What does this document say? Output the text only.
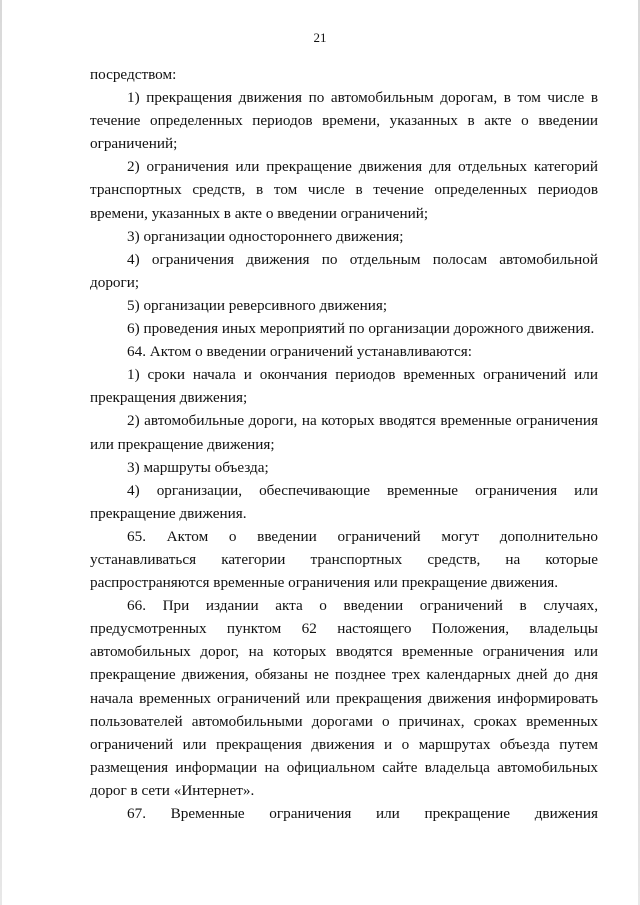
21

посредством:

1) прекращения движения по автомобильным дорогам, в том числе в течение определенных периодов времени, указанных в акте о введении ограничений;

2) ограничения или прекращение движения для отдельных категорий транспортных средств, в том числе в течение определенных периодов времени, указанных в акте о введении ограничений;

3) организации одностороннего движения;

4) ограничения движения по отдельным полосам автомобильной дороги;

5) организации реверсивного движения;

6) проведения иных мероприятий по организации дорожного движения.

64. Актом о введении ограничений устанавливаются:

1) сроки начала и окончания периодов временных ограничений или прекращения движения;

2) автомобильные дороги, на которых вводятся временные ограничения или прекращение движения;

3) маршруты объезда;

4) организации, обеспечивающие временные ограничения или прекращение движения.

65. Актом о введении ограничений могут дополнительно устанавливаться категории транспортных средств, на которые распространяются временные ограничения или прекращение движения.

66. При издании акта о введении ограничений в случаях, предусмотренных пунктом 62 настоящего Положения, владельцы автомобильных дорог, на которых вводятся временные ограничения или прекращение движения, обязаны не позднее трех календарных дней до дня начала временных ограничений или прекращения движения информировать пользователей автомобильными дорогами о причинах, сроках временных ограничений или прекращения движения и о маршрутах объезда путем размещения информации на официальном сайте владельца автомобильных дорог в сети «Интернет».

67. Временные ограничения или прекращение движения
